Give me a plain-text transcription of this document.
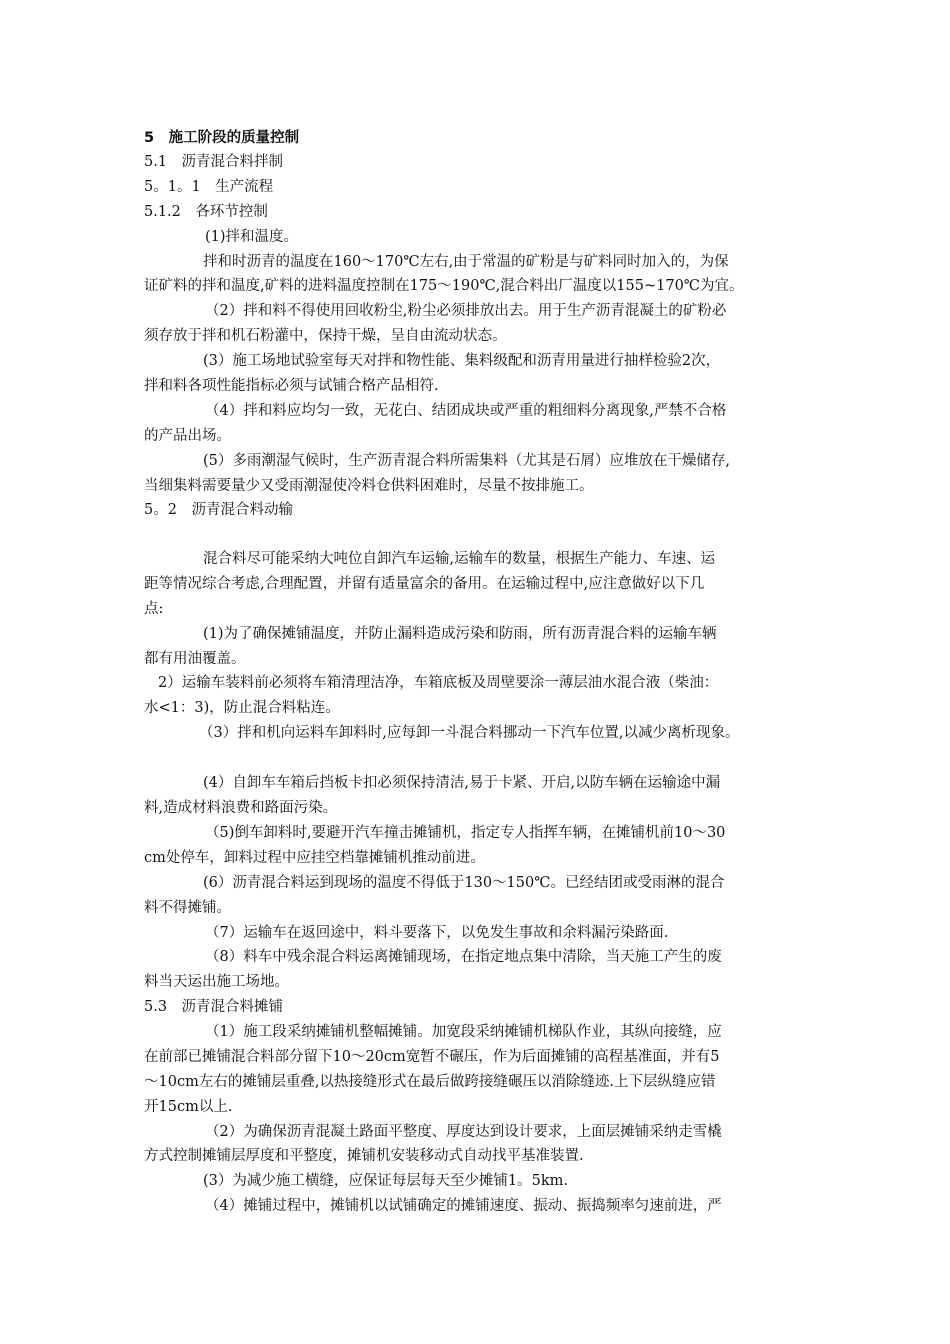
5　施工阶段的质量控制
5.1　沥青混合料拌制
5。1。1　生产流程
5.1.2　各环节控制
(1)拌和温度。
拌和时沥青的温度在160～170℃左右,由于常温的矿粉是与矿料同时加入的，为保
证矿料的拌和温度,矿料的进料温度控制在175～190℃,混合料出厂温度以155~170℃为宜。
（2）拌和料不得使用回收粉尘,粉尘必须排放出去。用于生产沥青混凝土的矿粉必
须存放于拌和机石粉灌中，保持干燥，呈自由流动状态。
(3）施工场地试验室每天对拌和物性能、集料级配和沥青用量进行抽样检验2次，
拌和料各项性能指标必须与试铺合格产品相符.
（4）拌和料应均匀一致，无花白、结团成块或严重的粗细料分离现象,严禁不合格
的产品出场。
(5）多雨潮湿气候时，生产沥青混合料所需集料（尤其是石屑）应堆放在干燥储存,
当细集料需要量少又受雨潮湿使冷料仓供料困难时，尽量不按排施工。
5。2　沥青混合料动输
混合料尽可能采纳大吨位自卸汽车运输,运输车的数量，根据生产能力、车速、运
距等情况综合考虑,合理配置，并留有适量富余的备用。在运输过程中,应注意做好以下几
点:
(1)为了确保摊铺温度，并防止漏料造成污染和防雨，所有沥青混合料的运输车辆
都有用油覆盖。
2）运输车装料前必须将车箱清理洁净，车箱底板及周壁要涂一薄层油水混合液（柴油：
水<1：3)，防止混合料粘连。
（3）拌和机向运料车卸料时,应每卸一斗混合料挪动一下汽车位置,以减少离析现象。
(4）自卸车车箱后挡板卡扣必须保持清洁,易于卡紧、开启,以防车辆在运输途中漏
料,造成材料浪费和路面污染。
（5)倒车卸料时,要避开汽车撞击摊铺机，指定专人指挥车辆，在摊铺机前10～30
cm处停车，卸料过程中应挂空档靠摊铺机推动前进。
(6）沥青混合料运到现场的温度不得低于130～150℃。已经结团或受雨淋的混合
料不得摊铺。
（7）运输车在返回途中，料斗要落下，以免发生事故和余料漏污染路面.
（8）料车中残余混合料运离摊铺现场，在指定地点集中清除，当天施工产生的废
料当天运出施工场地。
5.3　沥青混合料摊铺
（1）施工段采纳摊铺机整幅摊铺。加宽段采纳摊铺机梯队作业，其纵向接缝，应
在前部已摊铺混合料部分留下10～20cm宽暂不碾压，作为后面摊铺的高程基准面，并有5
～10cm左右的摊铺层重叠,以热接缝形式在最后做跨接缝碾压以消除缝迹.上下层纵缝应错
开15cm以上.
（2）为确保沥青混凝土路面平整度、厚度达到设计要求，上面层摊铺采纳走雪橇
方式控制摊铺层厚度和平整度，摊铺机安装移动式自动找平基准装置.
(3）为减少施工横缝，应保证每层每天至少摊铺1。5km.
（4）摊铺过程中，摊铺机以试铺确定的摊铺速度、振动、振捣频率匀速前进，严
